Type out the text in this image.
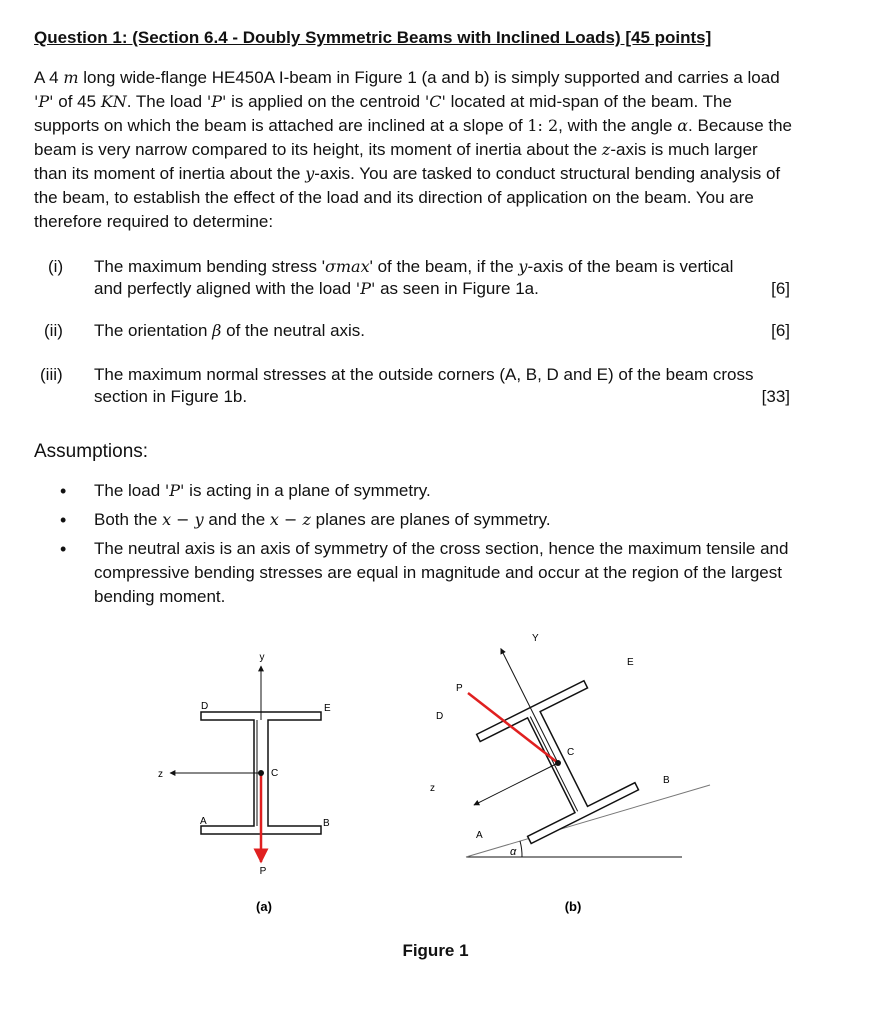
Question 1: (Section 6.4 - Doubly Symmetric Beams with Inclined Loads) [45 points]

A 4 m long wide-flange HE450A I-beam in Figure 1 (a and b) is simply supported and carries a load 'P' of 45 KN. The load 'P' is applied on the centroid 'C' located at mid-span of the beam. The supports on which the beam is attached are inclined at a slope of 1: 2, with the angle α. Because the beam is very narrow compared to its height, its moment of inertia about the z-axis is much larger than its moment of inertia about the y-axis. You are tasked to conduct structural bending analysis of the beam, to establish the effect of the load and its direction of application on the beam. You are therefore required to determine:

(i)	The maximum bending stress 'σmax' of the beam, if the y-axis of the beam is vertical and perfectly aligned with the load 'P' as seen in Figure 1a.	[6]
(ii)	The orientation β of the neutral axis.	[6]
(iii)	The maximum normal stresses at the outside corners (A, B, D and E) of the beam cross section in Figure 1b.	[33]
Assumptions:
• The load 'P' is acting in a plane of symmetry.
• Both the x − y and the x − z planes are planes of symmetry.
• The neutral axis is an axis of symmetry of the cross section, hence the maximum tensile and compressive bending stresses are equal in magnitude and occur at the region of the largest bending moment.
y
z
D	E
C
A	B
P
(a)
α
Y
z
D
E
C
A
B
P
(b)
Figure 1
